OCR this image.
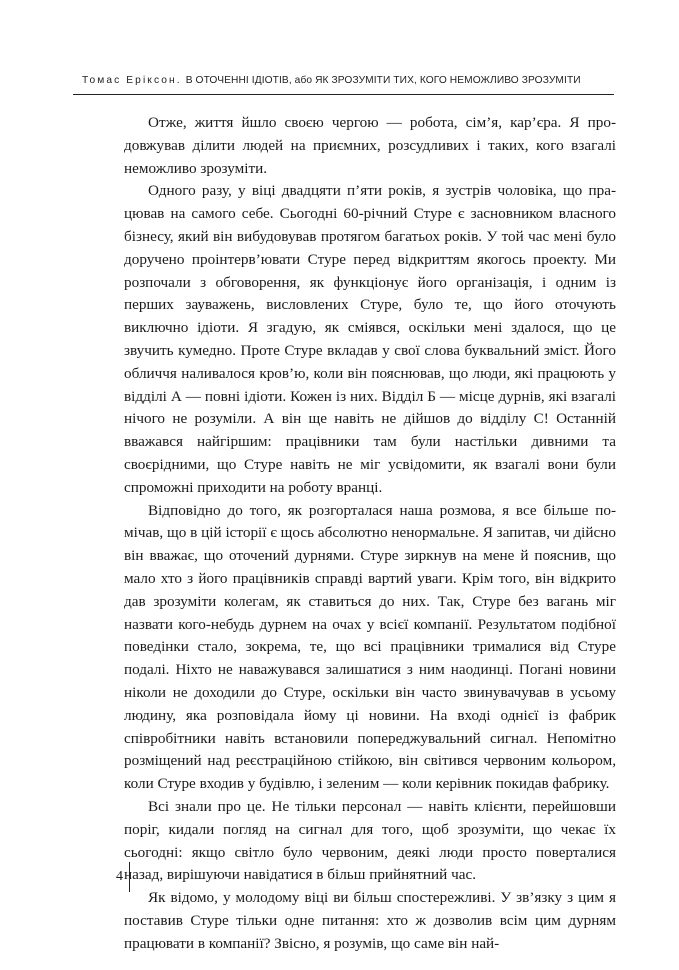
Томас Еріксон. В ОТОЧЕННІ ІДІОТІВ, або ЯК ЗРОЗУМІТИ ТИХ, КОГО НЕМОЖЛИВО ЗРОЗУМІТИ

Отже, життя йшло своєю чергою — робота, сім’я, кар’єра. Я продовжував ділити людей на приємних, розсудливих і таких, кого взагалі неможливо зрозуміти.

Одного разу, у віці двадцяти п’яти років, я зустрів чоловіка, що працював на самого себе. Сьогодні 60-річний Стуре є засновником власного бізнесу, який він вибудовував протягом багатьох років. У той час мені було доручено проінтерв’ювати Стуре перед відкриттям якогось проекту. Ми розпочали з обговорення, як функціонує його організація, і одним із перших зауважень, висловлених Стуре, було те, що його оточують виключно ідіоти. Я згадую, як сміявся, оскільки мені здалося, що це звучить кумедно. Проте Стуре вкладав у свої слова буквальний зміст. Його обличчя наливалося кров’ю, коли він пояснював, що люди, які працюють у відділі А — повні ідіоти. Кожен із них. Відділ Б — місце дурнів, які взагалі нічого не розуміли. А він ще навіть не дійшов до відділу С! Останній вважався найгіршим: працівники там були настільки дивними та своєрідними, що Стуре навіть не міг усвідомити, як взагалі вони були спроможні приходити на роботу вранці.

Відповідно до того, як розгорталася наша розмова, я все більше помічав, що в цій історії є щось абсолютно ненормальне. Я запитав, чи дійсно він вважає, що оточений дурнями. Стуре зиркнув на мене й пояснив, що мало хто з його працівників справді вартий уваги. Крім того, він відкрито дав зрозуміти колегам, як ставиться до них. Так, Стуре без вагань міг назвати кого-небудь дурнем на очах у всієї компанії. Результатом подібної поведінки стало, зокрема, те, що всі працівники трималися від Стуре подалі. Ніхто не наважувався залишатися з ним наодинці. Погані новини ніколи не доходили до Стуре, оскільки він часто звинувачував в усьому людину, яка розповідала йому ці новини. На вході однієї із фабрик співробітники навіть встановили попереджувальний сигнал. Непомітно розміщений над реєстраційною стійкою, він світився червоним кольором, коли Стуре входив у будівлю, і зеленим — коли керівник покидав фабрику.

Всі знали про це. Не тільки персонал — навіть клієнти, перейшовши поріг, кидали погляд на сигнал для того, щоб зрозуміти, що чекає їх сьогодні: якщо світло було червоним, деякі люди просто поверталися назад, вирішуючи навідатися в більш прийнятний час.

Як відомо, у молодому віці ви більш спостережливі. У зв’язку з цим я поставив Стуре тільки одне питання: хто ж дозволив всім цим дурням працювати в компанії? Звісно, я розумів, що саме він най-

4
